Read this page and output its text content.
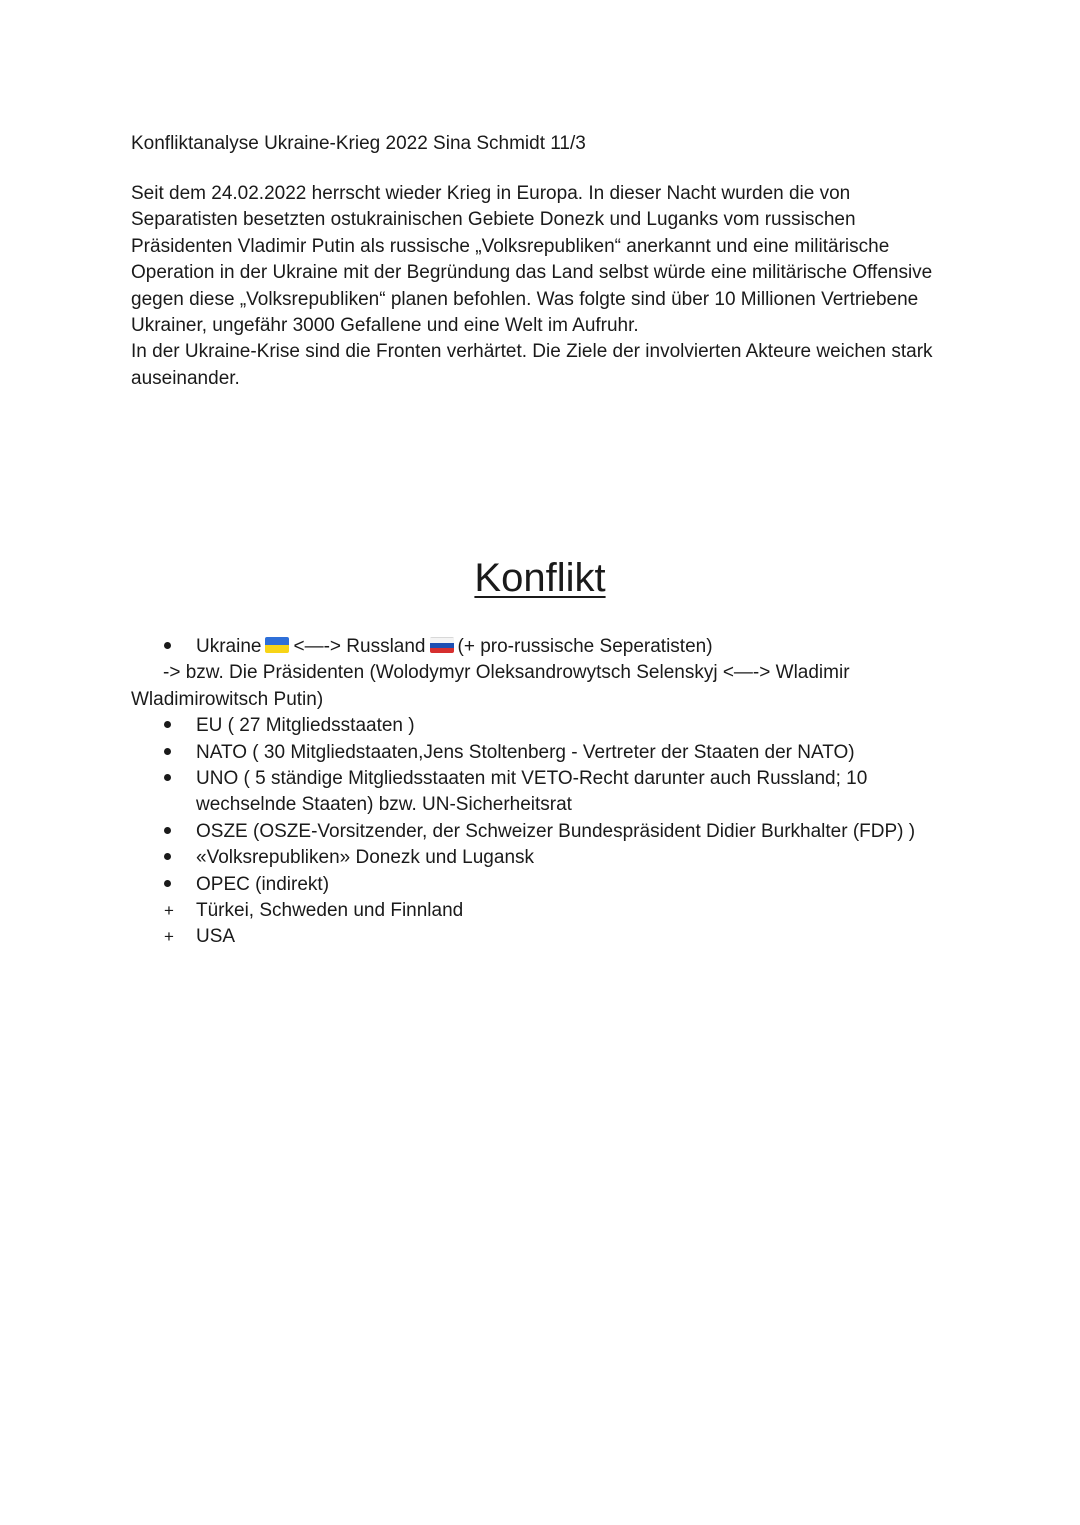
Konfliktanalyse Ukraine-Krieg 2022 Sina Schmidt 11/3

Seit dem 24.02.2022 herrscht wieder Krieg in Europa. In dieser Nacht wurden die von Separatisten besetzten ostukrainischen Gebiete Donezk und Luganks vom russischen Präsidenten Vladimir Putin als russische „Volksrepubliken“ anerkannt und eine militärische Operation in der Ukraine mit der Begründung das Land selbst würde eine militärische Offensive gegen diese „Volksrepubliken“ planen befohlen. Was folgte sind über 10 Millionen Vertriebene Ukrainer, ungefähr 3000 Gefallene und eine Welt im Aufruhr.

In der Ukraine-Krise sind die Fronten verhärtet. Die Ziele der involvierten Akteure weichen stark auseinander.

Konflikt
Ukraine <—-> Russland (+ pro-russische Seperatisten)
-> bzw. Die Präsidenten (Wolodymyr Oleksandrowytsch Selenskyj <—-> Wladimir
Wladimirowitsch Putin)
EU ( 27 Mitgliedsstaaten )
NATO ( 30 Mitgliedstaaten,Jens Stoltenberg - Vertreter der Staaten der NATO)
UNO ( 5 ständige Mitgliedsstaaten mit VETO-Recht darunter auch Russland; 10 wechselnde Staaten) bzw. UN-Sicherheitsrat
OSZE (OSZE-Vorsitzender, der Schweizer Bundespräsident Didier Burkhalter (FDP) )
«Volksrepubliken» Donezk und Lugansk
OPEC (indirekt)
+	Türkei, Schweden und Finnland
+	USA
